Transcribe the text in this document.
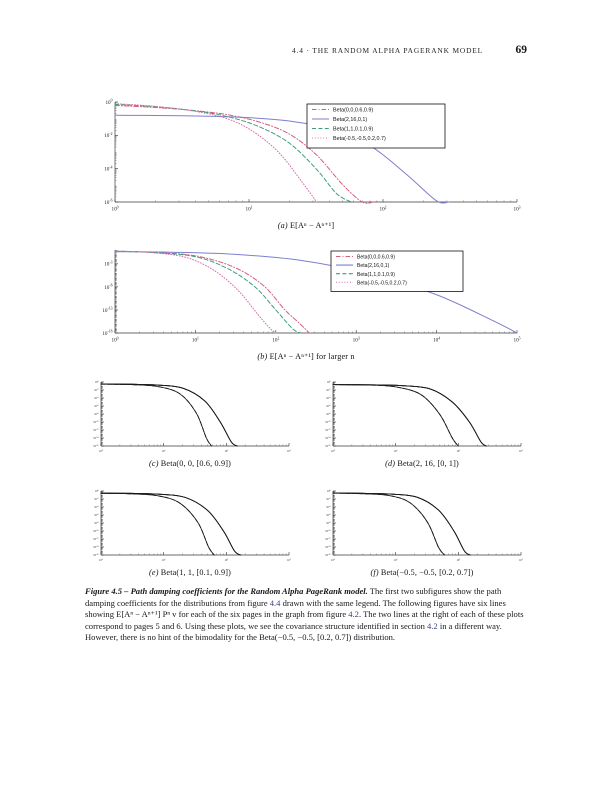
4.4 · THE RANDOM ALPHA PAGERANK MODEL	69
$10^0$	$10^1$	$10^2$	$10^3$
$10^{-6}$
$10^{-4}$
$10^{-2}$
$10^0$
Beta(0,0,0.6,0.9)
Beta(2,16,0,1)
Beta(1,1,0.1,0.9)
Beta(-0.5,-0.5,0.2,0.7)
(a) E[Aⁿ − Aⁿ⁺¹]
$10^0$	$10^1$	$10^2$	$10^3$	$10^4$	$10^5$
$10^{-18}$
$10^{-13}$
$10^{-8}$
$10^{-3}$
Beta(0,0,0.6,0.9)
Beta(2,16,0,1)
Beta(1,1,0.1,0.9)
Beta(-0.5,-0.5,0.2,0.7)
(b) E[Aⁿ − Aⁿ⁺¹] for larger n
$10^0$	$10^1$	$10^2$	$10^3$
$10^{-16}$
$10^{-14}$
$10^{-12}$
$10^{-10}$
$10^{-8}$
$10^{-6}$
$10^{-4}$
$10^{-2}$
$10^0$
(c) Beta(0, 0, [0.6, 0.9])
$10^0$	$10^1$	$10^2$	$10^3$
$10^{-16}$
$10^{-14}$
$10^{-12}$
$10^{-10}$
$10^{-8}$
$10^{-6}$
$10^{-4}$
$10^{-2}$
$10^0$
(d) Beta(2, 16, [0, 1])
$10^0$	$10^1$	$10^2$	$10^3$
$10^{-16}$
$10^{-14}$
$10^{-12}$
$10^{-10}$
$10^{-8}$
$10^{-6}$
$10^{-4}$
$10^{-2}$
$10^0$
(e) Beta(1, 1, [0.1, 0.9])
$10^0$	$10^1$	$10^2$	$10^3$
$10^{-16}$
$10^{-14}$
$10^{-12}$
$10^{-10}$
$10^{-8}$
$10^{-6}$
$10^{-4}$
$10^{-2}$
$10^0$
(f) Beta(−0.5, −0.5, [0.2, 0.7])
Figure 4.5 – Path damping coefficients for the Random Alpha PageRank model. The first two subfigures show the path damping coefficients for the distributions from figure 4.4 drawn with the same legend. The following figures have six lines showing E[Aⁿ − Aⁿ⁺¹] Pⁿ v for each of the six pages in the graph from figure 4.2. The two lines at the right of each of these plots correspond to pages 5 and 6. Using these plots, we see the covariance structure identified in section 4.2 in a different way. However, there is no hint of the bimodality for the Beta(−0.5, −0.5, [0.2, 0.7]) distribution.
